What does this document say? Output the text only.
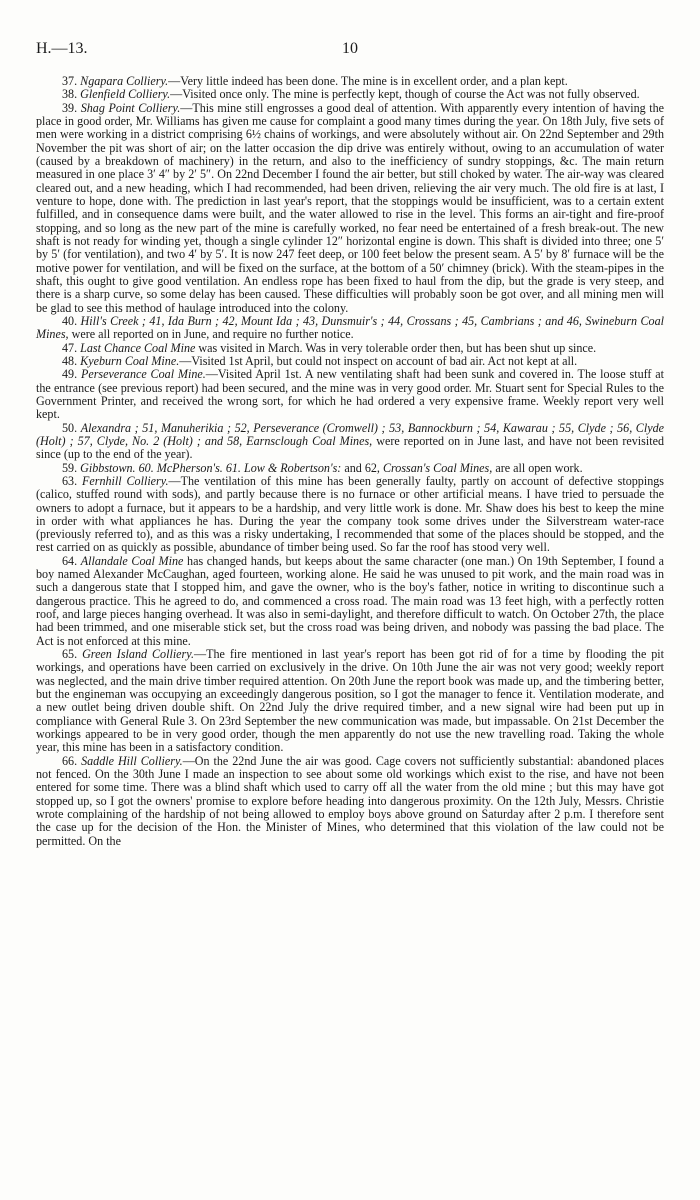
H.—13.	10

37. Ngapara Colliery.—Very little indeed has been done. The mine is in excellent order, and a plan kept.

38. Glenfield Colliery.—Visited once only. The mine is perfectly kept, though of course the Act was not fully observed.

39. Shag Point Colliery.—This mine still engrosses a good deal of attention. With apparently every intention of having the place in good order, Mr. Williams has given me cause for complaint a good many times during the year. On 18th July, five sets of men were working in a district comprising 6½ chains of workings, and were absolutely without air. On 22nd September and 29th November the pit was short of air; on the latter occasion the dip drive was entirely without, owing to an accumulation of water (caused by a breakdown of machinery) in the return, and also to the inefficiency of sundry stoppings, &c. The main return measured in one place 3′ 4″ by 2′ 5″. On 22nd December I found the air better, but still choked by water. The air-way was cleared cleared out, and a new heading, which I had recommended, had been driven, relieving the air very much. The old fire is at last, I venture to hope, done with. The prediction in last year's report, that the stoppings would be insufficient, was to a certain extent fulfilled, and in consequence dams were built, and the water allowed to rise in the level. This forms an air-tight and fire-proof stopping, and so long as the new part of the mine is carefully worked, no fear need be entertained of a fresh break-out. The new shaft is not ready for winding yet, though a single cylinder 12″ horizontal engine is down. This shaft is divided into three; one 5′ by 5′ (for ventilation), and two 4′ by 5′. It is now 247 feet deep, or 100 feet below the present seam. A 5′ by 8′ furnace will be the motive power for ventilation, and will be fixed on the surface, at the bottom of a 50′ chimney (brick). With the steam-pipes in the shaft, this ought to give good ventilation. An endless rope has been fixed to haul from the dip, but the grade is very steep, and there is a sharp curve, so some delay has been caused. These difficulties will probably soon be got over, and all mining men will be glad to see this method of haulage introduced into the colony.

40. Hill's Creek ; 41, Ida Burn ; 42, Mount Ida ; 43, Dunsmuir's ; 44, Crossans ; 45, Cambrians ; and 46, Swineburn Coal Mines, were all reported on in June, and require no further notice.

47. Last Chance Coal Mine was visited in March. Was in very tolerable order then, but has been shut up since.

48. Kyeburn Coal Mine.—Visited 1st April, but could not inspect on account of bad air. Act not kept at all.

49. Perseverance Coal Mine.—Visited April 1st. A new ventilating shaft had been sunk and covered in. The loose stuff at the entrance (see previous report) had been secured, and the mine was in very good order. Mr. Stuart sent for Special Rules to the Government Printer, and received the wrong sort, for which he had ordered a very expensive frame. Weekly report very well kept.

50. Alexandra ; 51, Manuherikia ; 52, Perseverance (Cromwell) ; 53, Bannockburn ; 54, Kawarau ; 55, Clyde ; 56, Clyde (Holt) ; 57, Clyde, No. 2 (Holt) ; and 58, Earnsclough Coal Mines, were reported on in June last, and have not been revisited since (up to the end of the year).

59. Gibbstown. 60. McPherson's. 61. Low & Robertson's: and 62, Crossan's Coal Mines, are all open work.

63. Fernhill Colliery.—The ventilation of this mine has been generally faulty, partly on account of defective stoppings (calico, stuffed round with sods), and partly because there is no furnace or other artificial means. I have tried to persuade the owners to adopt a furnace, but it appears to be a hardship, and very little work is done. Mr. Shaw does his best to keep the mine in order with what appliances he has. During the year the company took some drives under the Silverstream water-race (previously referred to), and as this was a risky undertaking, I recommended that some of the places should be stopped, and the rest carried on as quickly as possible, abundance of timber being used. So far the roof has stood very well.

64. Allandale Coal Mine has changed hands, but keeps about the same character (one man.) On 19th September, I found a boy named Alexander McCaughan, aged fourteen, working alone. He said he was unused to pit work, and the main road was in such a dangerous state that I stopped him, and gave the owner, who is the boy's father, notice in writing to discontinue such a dangerous practice. This he agreed to do, and commenced a cross road. The main road was 13 feet high, with a perfectly rotten roof, and large pieces hanging overhead. It was also in semi-daylight, and therefore difficult to watch. On October 27th, the place had been trimmed, and one miserable stick set, but the cross road was being driven, and nobody was passing the bad place. The Act is not enforced at this mine.

65. Green Island Colliery.—The fire mentioned in last year's report has been got rid of for a time by flooding the pit workings, and operations have been carried on exclusively in the drive. On 10th June the air was not very good; weekly report was neglected, and the main drive timber required attention. On 20th June the report book was made up, and the timbering better, but the engineman was occupying an exceedingly dangerous position, so I got the manager to fence it. Ventilation moderate, and a new outlet being driven double shift. On 22nd July the drive required timber, and a new signal wire had been put up in compliance with General Rule 3. On 23rd September the new communication was made, but impassable. On 21st December the workings appeared to be in very good order, though the men apparently do not use the new travelling road. Taking the whole year, this mine has been in a satisfactory condition.

66. Saddle Hill Colliery.—On the 22nd June the air was good. Cage covers not sufficiently substantial: abandoned places not fenced. On the 30th June I made an inspection to see about some old workings which exist to the rise, and have not been entered for some time. There was a blind shaft which used to carry off all the water from the old mine ; but this may have got stopped up, so I got the owners' promise to explore before heading into dangerous proximity. On the 12th July, Messrs. Christie wrote complaining of the hardship of not being allowed to employ boys above ground on Saturday after 2 p.m. I therefore sent the case up for the decision of the Hon. the Minister of Mines, who determined that this violation of the law could not be permitted. On the
